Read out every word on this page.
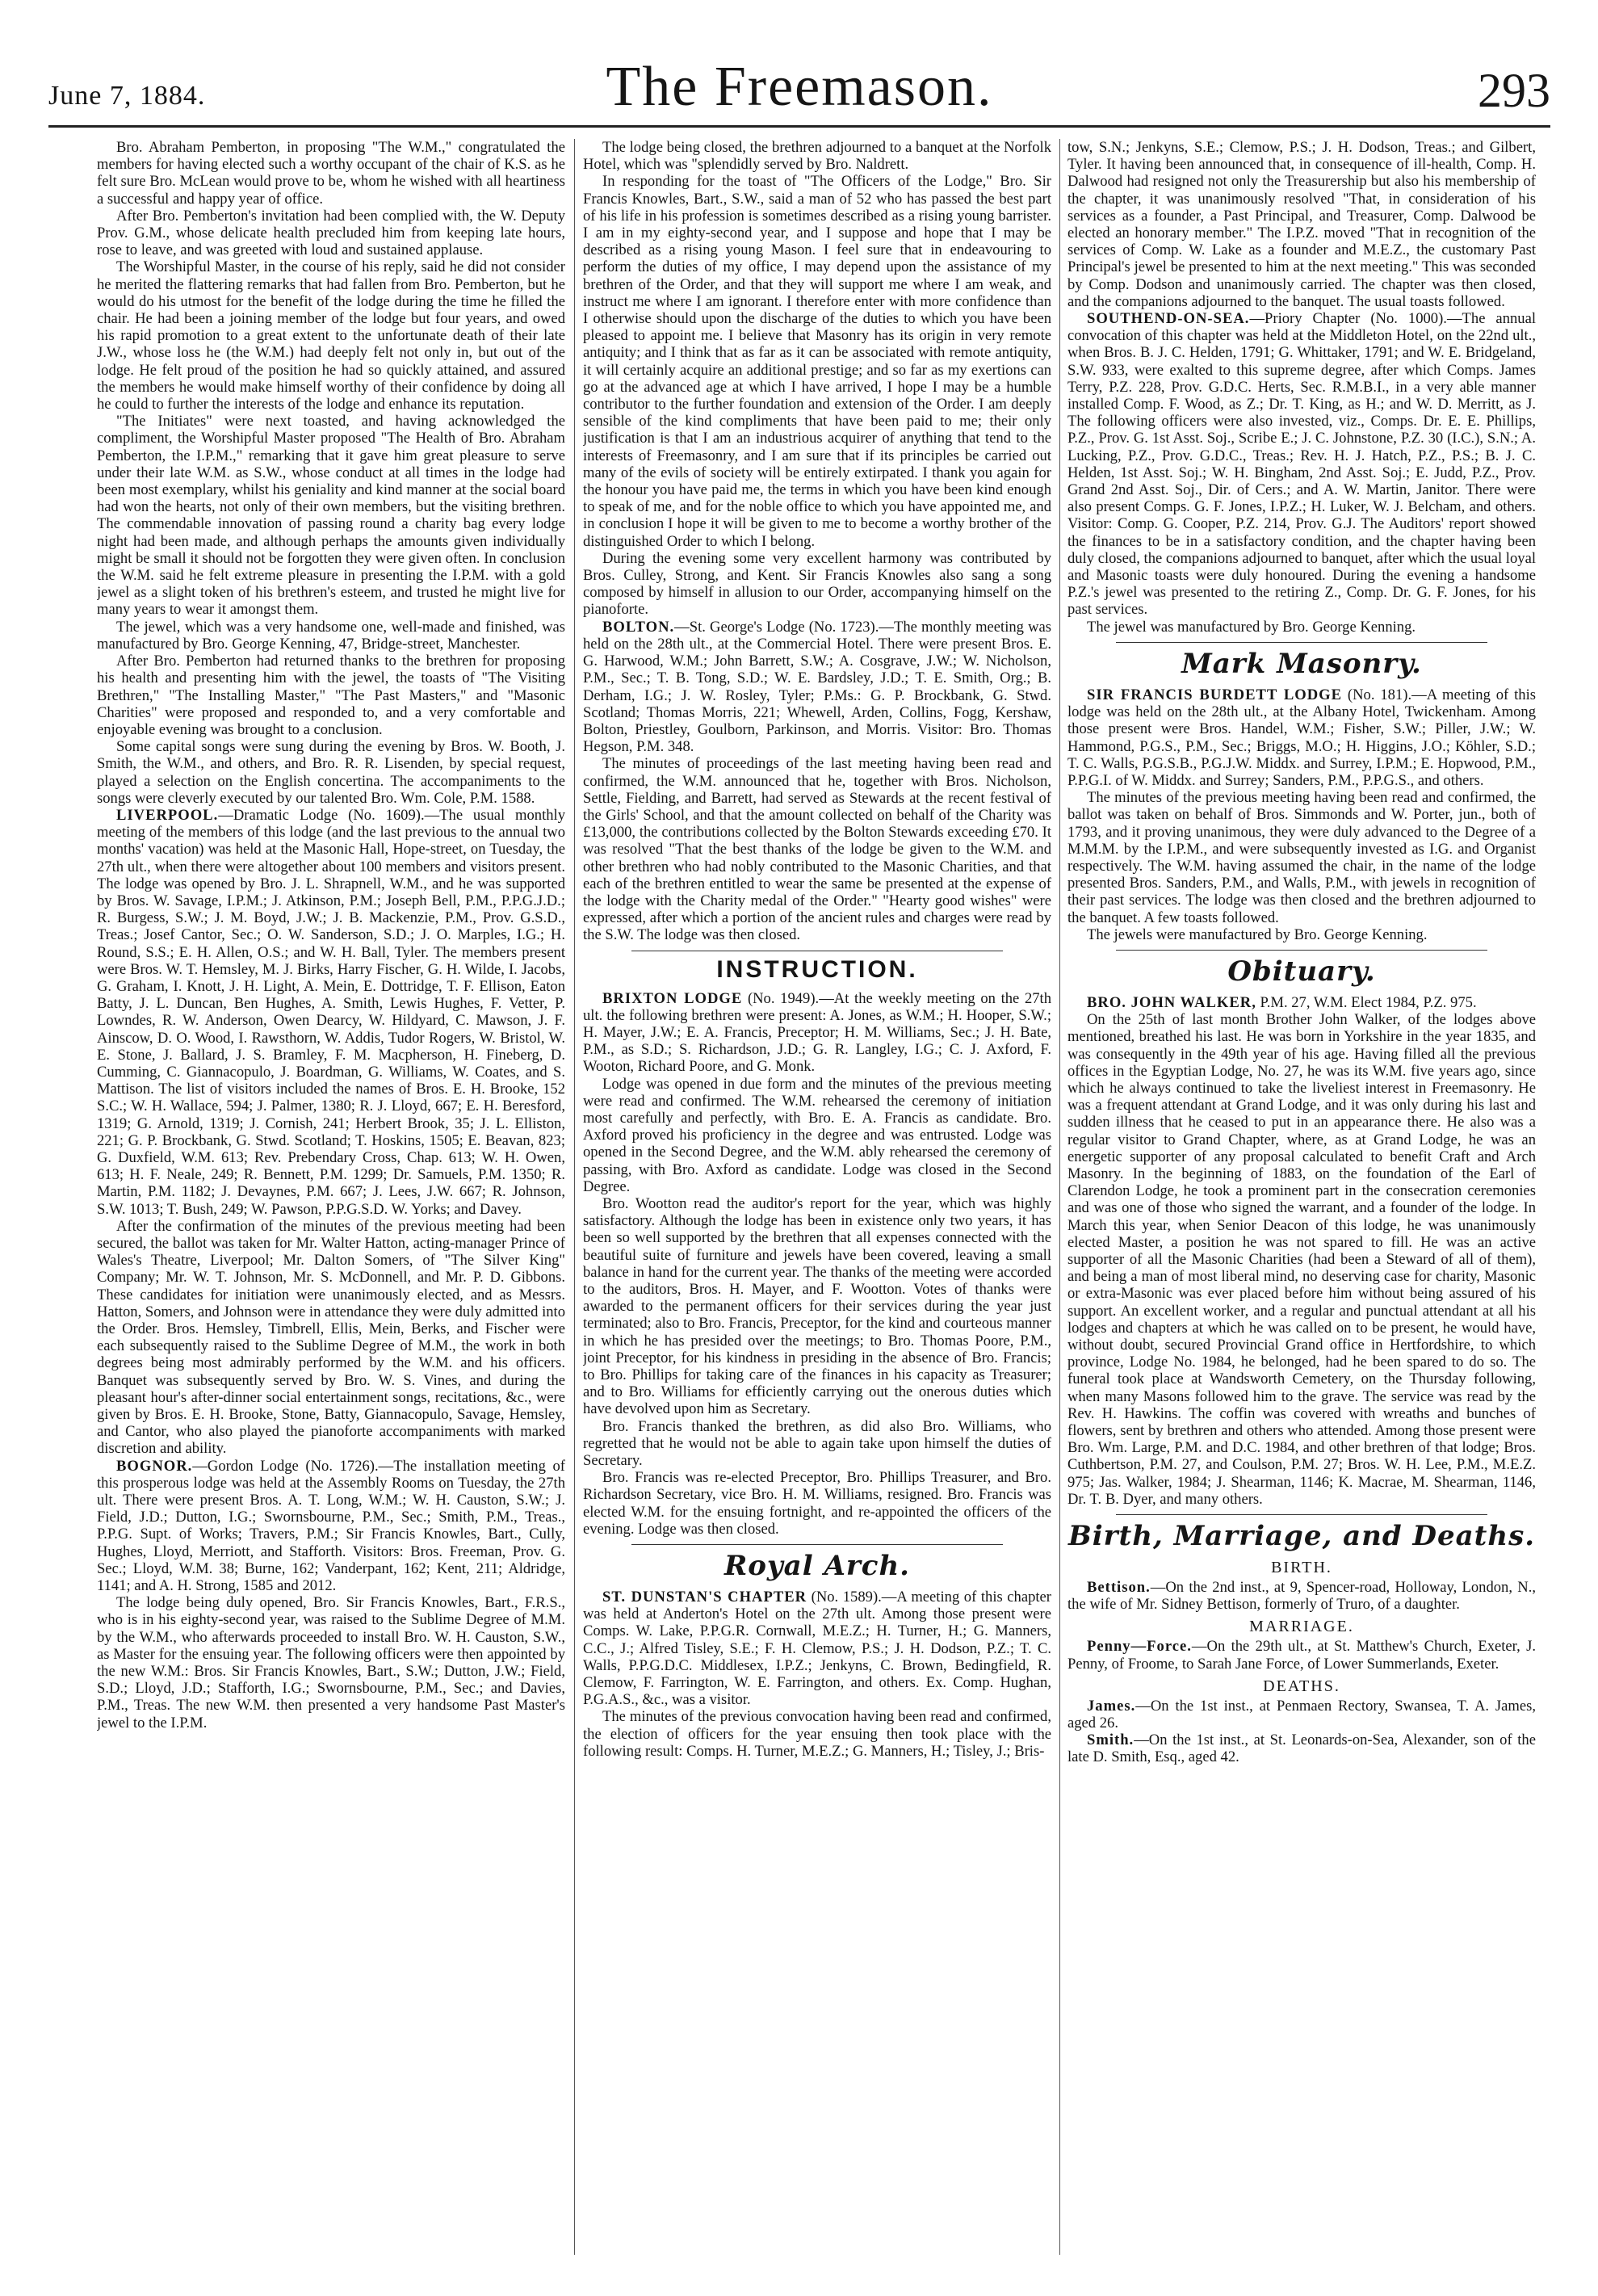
June 7, 1884.	The Freemason.	293

Bro. Abraham Pemberton, in proposing "The W.M.," congratulated the members for having elected such a worthy occupant of the chair of K.S. as he felt sure Bro. McLean would prove to be, whom he wished with all heartiness a successful and happy year of office.

After Bro. Pemberton's invitation had been complied with, the W. Deputy Prov. G.M., whose delicate health precluded him from keeping late hours, rose to leave, and was greeted with loud and sustained applause.

The Worshipful Master, in the course of his reply, said he did not consider he merited the flattering remarks that had fallen from Bro. Pemberton, but he would do his utmost for the benefit of the lodge during the time he filled the chair. He had been a joining member of the lodge but four years, and owed his rapid promotion to a great extent to the unfortunate death of their late J.W., whose loss he (the W.M.) had deeply felt not only in, but out of the lodge. He felt proud of the position he had so quickly attained, and assured the members he would make himself worthy of their confidence by doing all he could to further the interests of the lodge and enhance its reputation.

"The Initiates" were next toasted, and having acknowledged the compliment, the Worshipful Master proposed "The Health of Bro. Abraham Pemberton, the I.P.M.," remarking that it gave him great pleasure to serve under their late W.M. as S.W., whose conduct at all times in the lodge had been most exemplary, whilst his geniality and kind manner at the social board had won the hearts, not only of their own members, but the visiting brethren. The commendable innovation of passing round a charity bag every lodge night had been made, and although perhaps the amounts given individually might be small it should not be forgotten they were given often. In conclusion the W.M. said he felt extreme pleasure in presenting the I.P.M. with a gold jewel as a slight token of his brethren's esteem, and trusted he might live for many years to wear it amongst them.

The jewel, which was a very handsome one, well-made and finished, was manufactured by Bro. George Kenning, 47, Bridge-street, Manchester.

After Bro. Pemberton had returned thanks to the brethren for proposing his health and presenting him with the jewel, the toasts of "The Visiting Brethren," "The Installing Master," "The Past Masters," and "Masonic Charities" were proposed and responded to, and a very comfortable and enjoyable evening was brought to a conclusion.

Some capital songs were sung during the evening by Bros. W. Booth, J. Smith, the W.M., and others, and Bro. R. R. Lisenden, by special request, played a selection on the English concertina. The accompaniments to the songs were cleverly executed by our talented Bro. Wm. Cole, P.M. 1588.

LIVERPOOL.—Dramatic Lodge (No. 1609).—The usual monthly meeting of the members of this lodge (and the last previous to the annual two months' vacation) was held at the Masonic Hall, Hope-street, on Tuesday, the 27th ult., when there were altogether about 100 members and visitors present. The lodge was opened by Bro. J. L. Shrapnell, W.M., and he was supported by Bros. W. Savage, I.P.M.; J. Atkinson, P.M.; Joseph Bell, P.M., P.P.G.J.D.; R. Burgess, S.W.; J. M. Boyd, J.W.; J. B. Mackenzie, P.M., Prov. G.S.D., Treas.; Josef Cantor, Sec.; O. W. Sanderson, S.D.; J. O. Marples, I.G.; H. Round, S.S.; E. H. Allen, O.S.; and W. H. Ball, Tyler. The members present were Bros. W. T. Hemsley, M. J. Birks, Harry Fischer, G. H. Wilde, I. Jacobs, G. Graham, I. Knott, J. H. Light, A. Mein, E. Dottridge, T. F. Ellison, Eaton Batty, J. L. Duncan, Ben Hughes, A. Smith, Lewis Hughes, F. Vetter, P. Lowndes, R. W. Anderson, Owen Dearcy, W. Hildyard, C. Mawson, J. F. Ainscow, D. O. Wood, I. Rawsthorn, W. Addis, Tudor Rogers, W. Bristol, W. E. Stone, J. Ballard, J. S. Bramley, F. M. Macpherson, H. Fineberg, D. Cumming, C. Giannacopulo, J. Boardman, G. Williams, W. Coates, and S. Mattison. The list of visitors included the names of Bros. E. H. Brooke, 152 S.C.; W. H. Wallace, 594; J. Palmer, 1380; R. J. Lloyd, 667; E. H. Beresford, 1319; G. Arnold, 1319; J. Cornish, 241; Herbert Brook, 35; J. L. Elliston, 221; G. P. Brockbank, G. Stwd. Scotland; T. Hoskins, 1505; E. Beavan, 823; G. Duxfield, W.M. 613; Rev. Prebendary Cross, Chap. 613; W. H. Owen, 613; H. F. Neale, 249; R. Bennett, P.M. 1299; Dr. Samuels, P.M. 1350; R. Martin, P.M. 1182; J. Devaynes, P.M. 667; J. Lees, J.W. 667; R. Johnson, S.W. 1013; T. Bush, 249; W. Pawson, P.P.G.S.D. W. Yorks; and Davey.

After the confirmation of the minutes of the previous meeting had been secured, the ballot was taken for Mr. Walter Hatton, acting-manager Prince of Wales's Theatre, Liverpool; Mr. Dalton Somers, of "The Silver King" Company; Mr. W. T. Johnson, Mr. S. McDonnell, and Mr. P. D. Gibbons. These candidates for initiation were unanimously elected, and as Messrs. Hatton, Somers, and Johnson were in attendance they were duly admitted into the Order. Bros. Hemsley, Timbrell, Ellis, Mein, Berks, and Fischer were each subsequently raised to the Sublime Degree of M.M., the work in both degrees being most admirably performed by the W.M. and his officers. Banquet was subsequently served by Bro. W. S. Vines, and during the pleasant hour's after-dinner social entertainment songs, recitations, &c., were given by Bros. E. H. Brooke, Stone, Batty, Giannacopulo, Savage, Hemsley, and Cantor, who also played the pianoforte accompaniments with marked discretion and ability.

BOGNOR.—Gordon Lodge (No. 1726).—The installation meeting of this prosperous lodge was held at the Assembly Rooms on Tuesday, the 27th ult. There were present Bros. A. T. Long, W.M.; W. H. Causton, S.W.; J. Field, J.D.; Dutton, I.G.; Swornsbourne, P.M., Sec.; Smith, P.M., Treas., P.P.G. Supt. of Works; Travers, P.M.; Sir Francis Knowles, Bart., Cully, Hughes, Lloyd, Merriott, and Stafforth. Visitors: Bros. Freeman, Prov. G. Sec.; Lloyd, W.M. 38; Burne, 162; Vanderpant, 162; Kent, 211; Aldridge, 1141; and A. H. Strong, 1585 and 2012.

The lodge being duly opened, Bro. Sir Francis Knowles, Bart., F.R.S., who is in his eighty-second year, was raised to the Sublime Degree of M.M. by the W.M., who afterwards proceeded to install Bro. W. H. Causton, S.W., as Master for the ensuing year. The following officers were then appointed by the new W.M.: Bros. Sir Francis Knowles, Bart., S.W.; Dutton, J.W.; Field, S.D.; Lloyd, J.D.; Stafforth, I.G.; Swornsbourne, P.M., Sec.; and Davies, P.M., Treas. The new W.M. then presented a very handsome Past Master's jewel to the I.P.M.

The lodge being closed, the brethren adjourned to a banquet at the Norfolk Hotel, which was "splendidly served by Bro. Naldrett.

In responding for the toast of "The Officers of the Lodge," Bro. Sir Francis Knowles, Bart., S.W., said a man of 52 who has passed the best part of his life in his profession is sometimes described as a rising young barrister. I am in my eighty-second year, and I suppose and hope that I may be described as a rising young Mason. I feel sure that in endeavouring to perform the duties of my office, I may depend upon the assistance of my brethren of the Order, and that they will support me where I am weak, and instruct me where I am ignorant. I therefore enter with more confidence than I otherwise should upon the discharge of the duties to which you have been pleased to appoint me. I believe that Masonry has its origin in very remote antiquity; and I think that as far as it can be associated with remote antiquity, it will certainly acquire an additional prestige; and so far as my exertions can go at the advanced age at which I have arrived, I hope I may be a humble contributor to the further foundation and extension of the Order. I am deeply sensible of the kind compliments that have been paid to me; their only justification is that I am an industrious acquirer of anything that tend to the interests of Freemasonry, and I am sure that if its principles be carried out many of the evils of society will be entirely extirpated. I thank you again for the honour you have paid me, the terms in which you have been kind enough to speak of me, and for the noble office to which you have appointed me, and in conclusion I hope it will be given to me to become a worthy brother of the distinguished Order to which I belong.

During the evening some very excellent harmony was contributed by Bros. Culley, Strong, and Kent. Sir Francis Knowles also sang a song composed by himself in allusion to our Order, accompanying himself on the pianoforte.

BOLTON.—St. George's Lodge (No. 1723).—The monthly meeting was held on the 28th ult., at the Commercial Hotel. There were present Bros. E. G. Harwood, W.M.; John Barrett, S.W.; A. Cosgrave, J.W.; W. Nicholson, P.M., Sec.; T. B. Tong, S.D.; W. E. Bardsley, J.D.; T. E. Smith, Org.; B. Derham, I.G.; J. W. Rosley, Tyler; P.Ms.: G. P. Brockbank, G. Stwd. Scotland; Thomas Morris, 221; Whewell, Arden, Collins, Fogg, Kershaw, Bolton, Priestley, Goulborn, Parkinson, and Morris. Visitor: Bro. Thomas Hegson, P.M. 348.

The minutes of proceedings of the last meeting having been read and confirmed, the W.M. announced that he, together with Bros. Nicholson, Settle, Fielding, and Barrett, had served as Stewards at the recent festival of the Girls' School, and that the amount collected on behalf of the Charity was £13,000, the contributions collected by the Bolton Stewards exceeding £70. It was resolved "That the best thanks of the lodge be given to the W.M. and other brethren who had nobly contributed to the Masonic Charities, and that each of the brethren entitled to wear the same be presented at the expense of the lodge with the Charity medal of the Order." "Hearty good wishes" were expressed, after which a portion of the ancient rules and charges were read by the S.W. The lodge was then closed.

INSTRUCTION.

BRIXTON LODGE (No. 1949).—At the weekly meeting on the 27th ult. the following brethren were present: A. Jones, as W.M.; H. Hooper, S.W.; H. Mayer, J.W.; E. A. Francis, Preceptor; H. M. Williams, Sec.; J. H. Bate, P.M., as S.D.; S. Richardson, J.D.; G. R. Langley, I.G.; C. J. Axford, F. Wooton, Richard Poore, and G. Monk.

Lodge was opened in due form and the minutes of the previous meeting were read and confirmed. The W.M. rehearsed the ceremony of initiation most carefully and perfectly, with Bro. E. A. Francis as candidate. Bro. Axford proved his proficiency in the degree and was entrusted. Lodge was opened in the Second Degree, and the W.M. ably rehearsed the ceremony of passing, with Bro. Axford as candidate. Lodge was closed in the Second Degree.

Bro. Wootton read the auditor's report for the year, which was highly satisfactory. Although the lodge has been in existence only two years, it has been so well supported by the brethren that all expenses connected with the beautiful suite of furniture and jewels have been covered, leaving a small balance in hand for the current year. The thanks of the meeting were accorded to the auditors, Bros. H. Mayer, and F. Wootton. Votes of thanks were awarded to the permanent officers for their services during the year just terminated; also to Bro. Francis, Preceptor, for the kind and courteous manner in which he has presided over the meetings; to Bro. Thomas Poore, P.M., joint Preceptor, for his kindness in presiding in the absence of Bro. Francis; to Bro. Phillips for taking care of the finances in his capacity as Treasurer; and to Bro. Williams for efficiently carrying out the onerous duties which have devolved upon him as Secretary.

Bro. Francis thanked the brethren, as did also Bro. Williams, who regretted that he would not be able to again take upon himself the duties of Secretary.

Bro. Francis was re-elected Preceptor, Bro. Phillips Treasurer, and Bro. Richardson Secretary, vice Bro. H. M. Williams, resigned. Bro. Francis was elected W.M. for the ensuing fortnight, and re-appointed the officers of the evening. Lodge was then closed.

Royal Arch.

ST. DUNSTAN'S CHAPTER (No. 1589).—A meeting of this chapter was held at Anderton's Hotel on the 27th ult. Among those present were Comps. W. Lake, P.P.G.R. Cornwall, M.E.Z.; H. Turner, H.; G. Manners, C.C., J.; Alfred Tisley, S.E.; F. H. Clemow, P.S.; J. H. Dodson, P.Z.; T. C. Walls, P.P.G.D.C. Middlesex, I.P.Z.; Jenkyns, C. Brown, Bedingfield, R. Clemow, F. Farrington, W. E. Farrington, and others. Ex. Comp. Hughan, P.G.A.S., &c., was a visitor.

The minutes of the previous convocation having been read and confirmed, the election of officers for the year ensuing then took place with the following result: Comps. H. Turner, M.E.Z.; G. Manners, H.; Tisley, J.; Bris-

tow, S.N.; Jenkyns, S.E.; Clemow, P.S.; J. H. Dodson, Treas.; and Gilbert, Tyler. It having been announced that, in consequence of ill-health, Comp. H. Dalwood had resigned not only the Treasurership but also his membership of the chapter, it was unanimously resolved "That, in consideration of his services as a founder, a Past Principal, and Treasurer, Comp. Dalwood be elected an honorary member." The I.P.Z. moved "That in recognition of the services of Comp. W. Lake as a founder and M.E.Z., the customary Past Principal's jewel be presented to him at the next meeting." This was seconded by Comp. Dodson and unanimously carried. The chapter was then closed, and the companions adjourned to the banquet. The usual toasts followed.

SOUTHEND-ON-SEA.—Priory Chapter (No. 1000).—The annual convocation of this chapter was held at the Middleton Hotel, on the 22nd ult., when Bros. B. J. C. Helden, 1791; G. Whittaker, 1791; and W. E. Bridgeland, S.W. 933, were exalted to this supreme degree, after which Comps. James Terry, P.Z. 228, Prov. G.D.C. Herts, Sec. R.M.B.I., in a very able manner installed Comp. F. Wood, as Z.; Dr. T. King, as H.; and W. D. Merritt, as J. The following officers were also invested, viz., Comps. Dr. E. E. Phillips, P.Z., Prov. G. 1st Asst. Soj., Scribe E.; J. C. Johnstone, P.Z. 30 (I.C.), S.N.; A. Lucking, P.Z., Prov. G.D.C., Treas.; Rev. H. J. Hatch, P.Z., P.S.; B. J. C. Helden, 1st Asst. Soj.; W. H. Bingham, 2nd Asst. Soj.; E. Judd, P.Z., Prov. Grand 2nd Asst. Soj., Dir. of Cers.; and A. W. Martin, Janitor. There were also present Comps. G. F. Jones, I.P.Z.; H. Luker, W. J. Belcham, and others. Visitor: Comp. G. Cooper, P.Z. 214, Prov. G.J. The Auditors' report showed the finances to be in a satisfactory condition, and the chapter having been duly closed, the companions adjourned to banquet, after which the usual loyal and Masonic toasts were duly honoured. During the evening a handsome P.Z.'s jewel was presented to the retiring Z., Comp. Dr. G. F. Jones, for his past services.

The jewel was manufactured by Bro. George Kenning.

Mark Masonry.

SIR FRANCIS BURDETT LODGE (No. 181).—A meeting of this lodge was held on the 28th ult., at the Albany Hotel, Twickenham. Among those present were Bros. Handel, W.M.; Fisher, S.W.; Piller, J.W.; W. Hammond, P.G.S., P.M., Sec.; Briggs, M.O.; H. Higgins, J.O.; Köhler, S.D.; T. C. Walls, P.G.S.B., P.G.J.W. Middx. and Surrey, I.P.M.; E. Hopwood, P.M., P.P.G.I. of W. Middx. and Surrey; Sanders, P.M., P.P.G.S., and others.

The minutes of the previous meeting having been read and confirmed, the ballot was taken on behalf of Bros. Simmonds and W. Porter, jun., both of 1793, and it proving unanimous, they were duly advanced to the Degree of a M.M.M. by the I.P.M., and were subsequently invested as I.G. and Organist respectively. The W.M. having assumed the chair, in the name of the lodge presented Bros. Sanders, P.M., and Walls, P.M., with jewels in recognition of their past services. The lodge was then closed and the brethren adjourned to the banquet. A few toasts followed.

The jewels were manufactured by Bro. George Kenning.

Obituary.

BRO. JOHN WALKER, P.M. 27, W.M. Elect 1984, P.Z. 975.

On the 25th of last month Brother John Walker, of the lodges above mentioned, breathed his last. He was born in Yorkshire in the year 1835, and was consequently in the 49th year of his age. Having filled all the previous offices in the Egyptian Lodge, No. 27, he was its W.M. five years ago, since which he always continued to take the liveliest interest in Freemasonry. He was a frequent attendant at Grand Lodge, and it was only during his last and sudden illness that he ceased to put in an appearance there. He also was a regular visitor to Grand Chapter, where, as at Grand Lodge, he was an energetic supporter of any proposal calculated to benefit Craft and Arch Masonry. In the beginning of 1883, on the foundation of the Earl of Clarendon Lodge, he took a prominent part in the consecration ceremonies and was one of those who signed the warrant, and a founder of the lodge. In March this year, when Senior Deacon of this lodge, he was unanimously elected Master, a position he was not spared to fill. He was an active supporter of all the Masonic Charities (had been a Steward of all of them), and being a man of most liberal mind, no deserving case for charity, Masonic or extra-Masonic was ever placed before him without being assured of his support. An excellent worker, and a regular and punctual attendant at all his lodges and chapters at which he was called on to be present, he would have, without doubt, secured Provincial Grand office in Hertfordshire, to which province, Lodge No. 1984, he belonged, had he been spared to do so. The funeral took place at Wandsworth Cemetery, on the Thursday following, when many Masons followed him to the grave. The service was read by the Rev. H. Hawkins. The coffin was covered with wreaths and bunches of flowers, sent by brethren and others who attended. Among those present were Bro. Wm. Large, P.M. and D.C. 1984, and other brethren of that lodge; Bros. Cuthbertson, P.M. 27, and Coulson, P.M. 27; Bros. W. H. Lee, P.M., M.E.Z. 975; Jas. Walker, 1984; J. Shearman, 1146; K. Macrae, M. Shearman, 1146, Dr. T. B. Dyer, and many others.

Birth, Marriage, and Deaths.
BIRTH.

Bettison.—On the 2nd inst., at 9, Spencer-road, Holloway, London, N., the wife of Mr. Sidney Bettison, formerly of Truro, of a daughter.

MARRIAGE.

Penny—Force.—On the 29th ult., at St. Matthew's Church, Exeter, J. Penny, of Froome, to Sarah Jane Force, of Lower Summerlands, Exeter.

DEATHS.

James.—On the 1st inst., at Penmaen Rectory, Swansea, T. A. James, aged 26.

Smith.—On the 1st inst., at St. Leonards-on-Sea, Alexander, son of the late D. Smith, Esq., aged 42.
